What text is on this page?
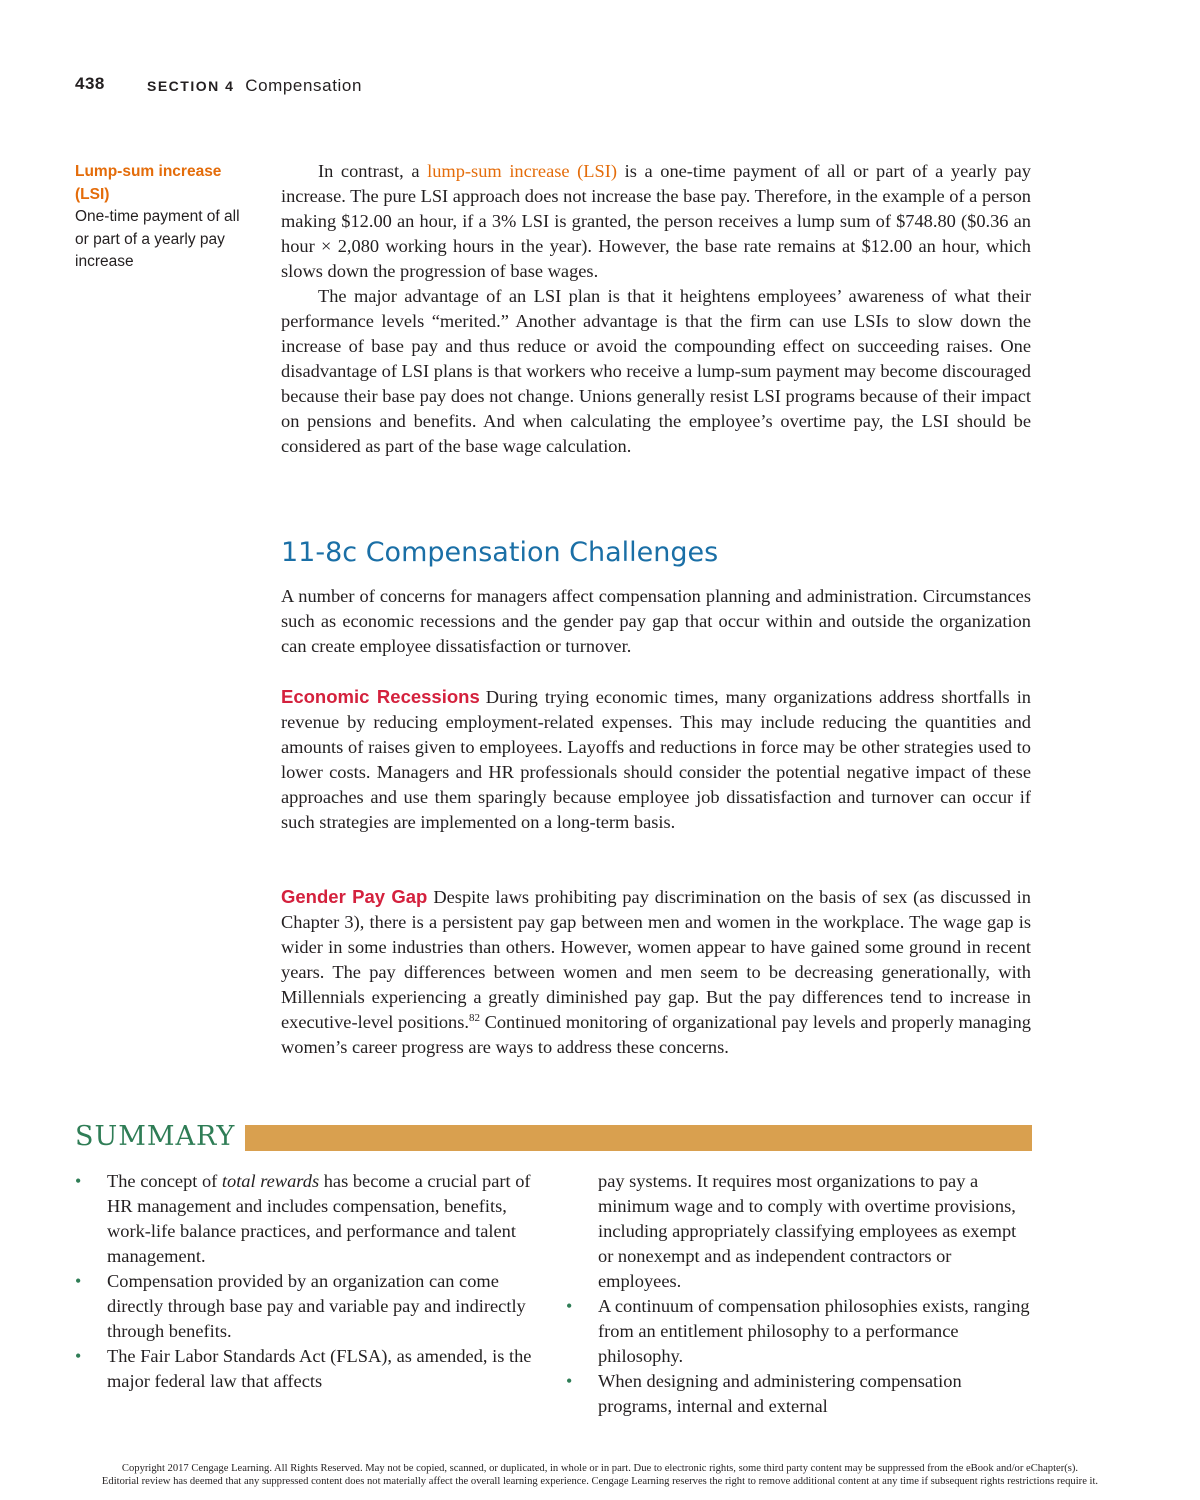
438	SECTION 4 Compensation
Lump-sum increase
(LSI)
One-time payment of all or part of a yearly pay increase

In contrast, a lump-sum increase (LSI) is a one-time payment of all or part of a yearly pay increase. The pure LSI approach does not increase the base pay. Therefore, in the example of a person making $12.00 an hour, if a 3% LSI is granted, the person receives a lump sum of $748.80 ($0.36 an hour × 2,080 working hours in the year). However, the base rate remains at $12.00 an hour, which slows down the progression of base wages.

The major advantage of an LSI plan is that it heightens employees’ awareness of what their performance levels “merited.” Another advantage is that the firm can use LSIs to slow down the increase of base pay and thus reduce or avoid the compounding effect on succeeding raises. One disadvantage of LSI plans is that workers who receive a lump-sum payment may become discouraged because their base pay does not change. Unions generally resist LSI programs because of their impact on pensions and benefits. And when calculating the employee’s overtime pay, the LSI should be considered as part of the base wage calculation.

11-8c Compensation Challenges

A number of concerns for managers affect compensation planning and administration. Circumstances such as economic recessions and the gender pay gap that occur within and outside the organization can create employee dissatisfaction or turnover.

Economic Recessions During trying economic times, many organizations address shortfalls in revenue by reducing employment-related expenses. This may include reducing the quantities and amounts of raises given to employees. Layoffs and reductions in force may be other strategies used to lower costs. Managers and HR professionals should consider the potential negative impact of these approaches and use them sparingly because employee job dissatisfaction and turnover can occur if such strategies are implemented on a long-term basis.

Gender Pay Gap Despite laws prohibiting pay discrimination on the basis of sex (as discussed in Chapter 3), there is a persistent pay gap between men and women in the workplace. The wage gap is wider in some industries than others. However, women appear to have gained some ground in recent years. The pay differences between women and men seem to be decreasing generationally, with Millennials experiencing a greatly diminished pay gap. But the pay differences tend to increase in executive-level positions.$^{82}$ Continued monitoring of organizational pay levels and properly managing women’s career progress are ways to address these concerns.

SUMMARY
• The concept of total rewards has become a crucial part of HR management and includes compensation, benefits, work-life balance practices, and performance and talent management.
• Compensation provided by an organization can come directly through base pay and variable pay and indirectly through benefits.
• The Fair Labor Standards Act (FLSA), as amended, is the major federal law that affects
pay systems. It requires most organizations to pay a minimum wage and to comply with overtime provisions, including appropriately classifying employees as exempt or nonexempt and as independent contractors or employees.
• A continuum of compensation philosophies exists, ranging from an entitlement philosophy to a performance philosophy.
• When designing and administering compensation programs, internal and external
Copyright 2017 Cengage Learning. All Rights Reserved. May not be copied, scanned, or duplicated, in whole or in part. Due to electronic rights, some third party content may be suppressed from the eBook and/or eChapter(s).
Editorial review has deemed that any suppressed content does not materially affect the overall learning experience. Cengage Learning reserves the right to remove additional content at any time if subsequent rights restrictions require it.
